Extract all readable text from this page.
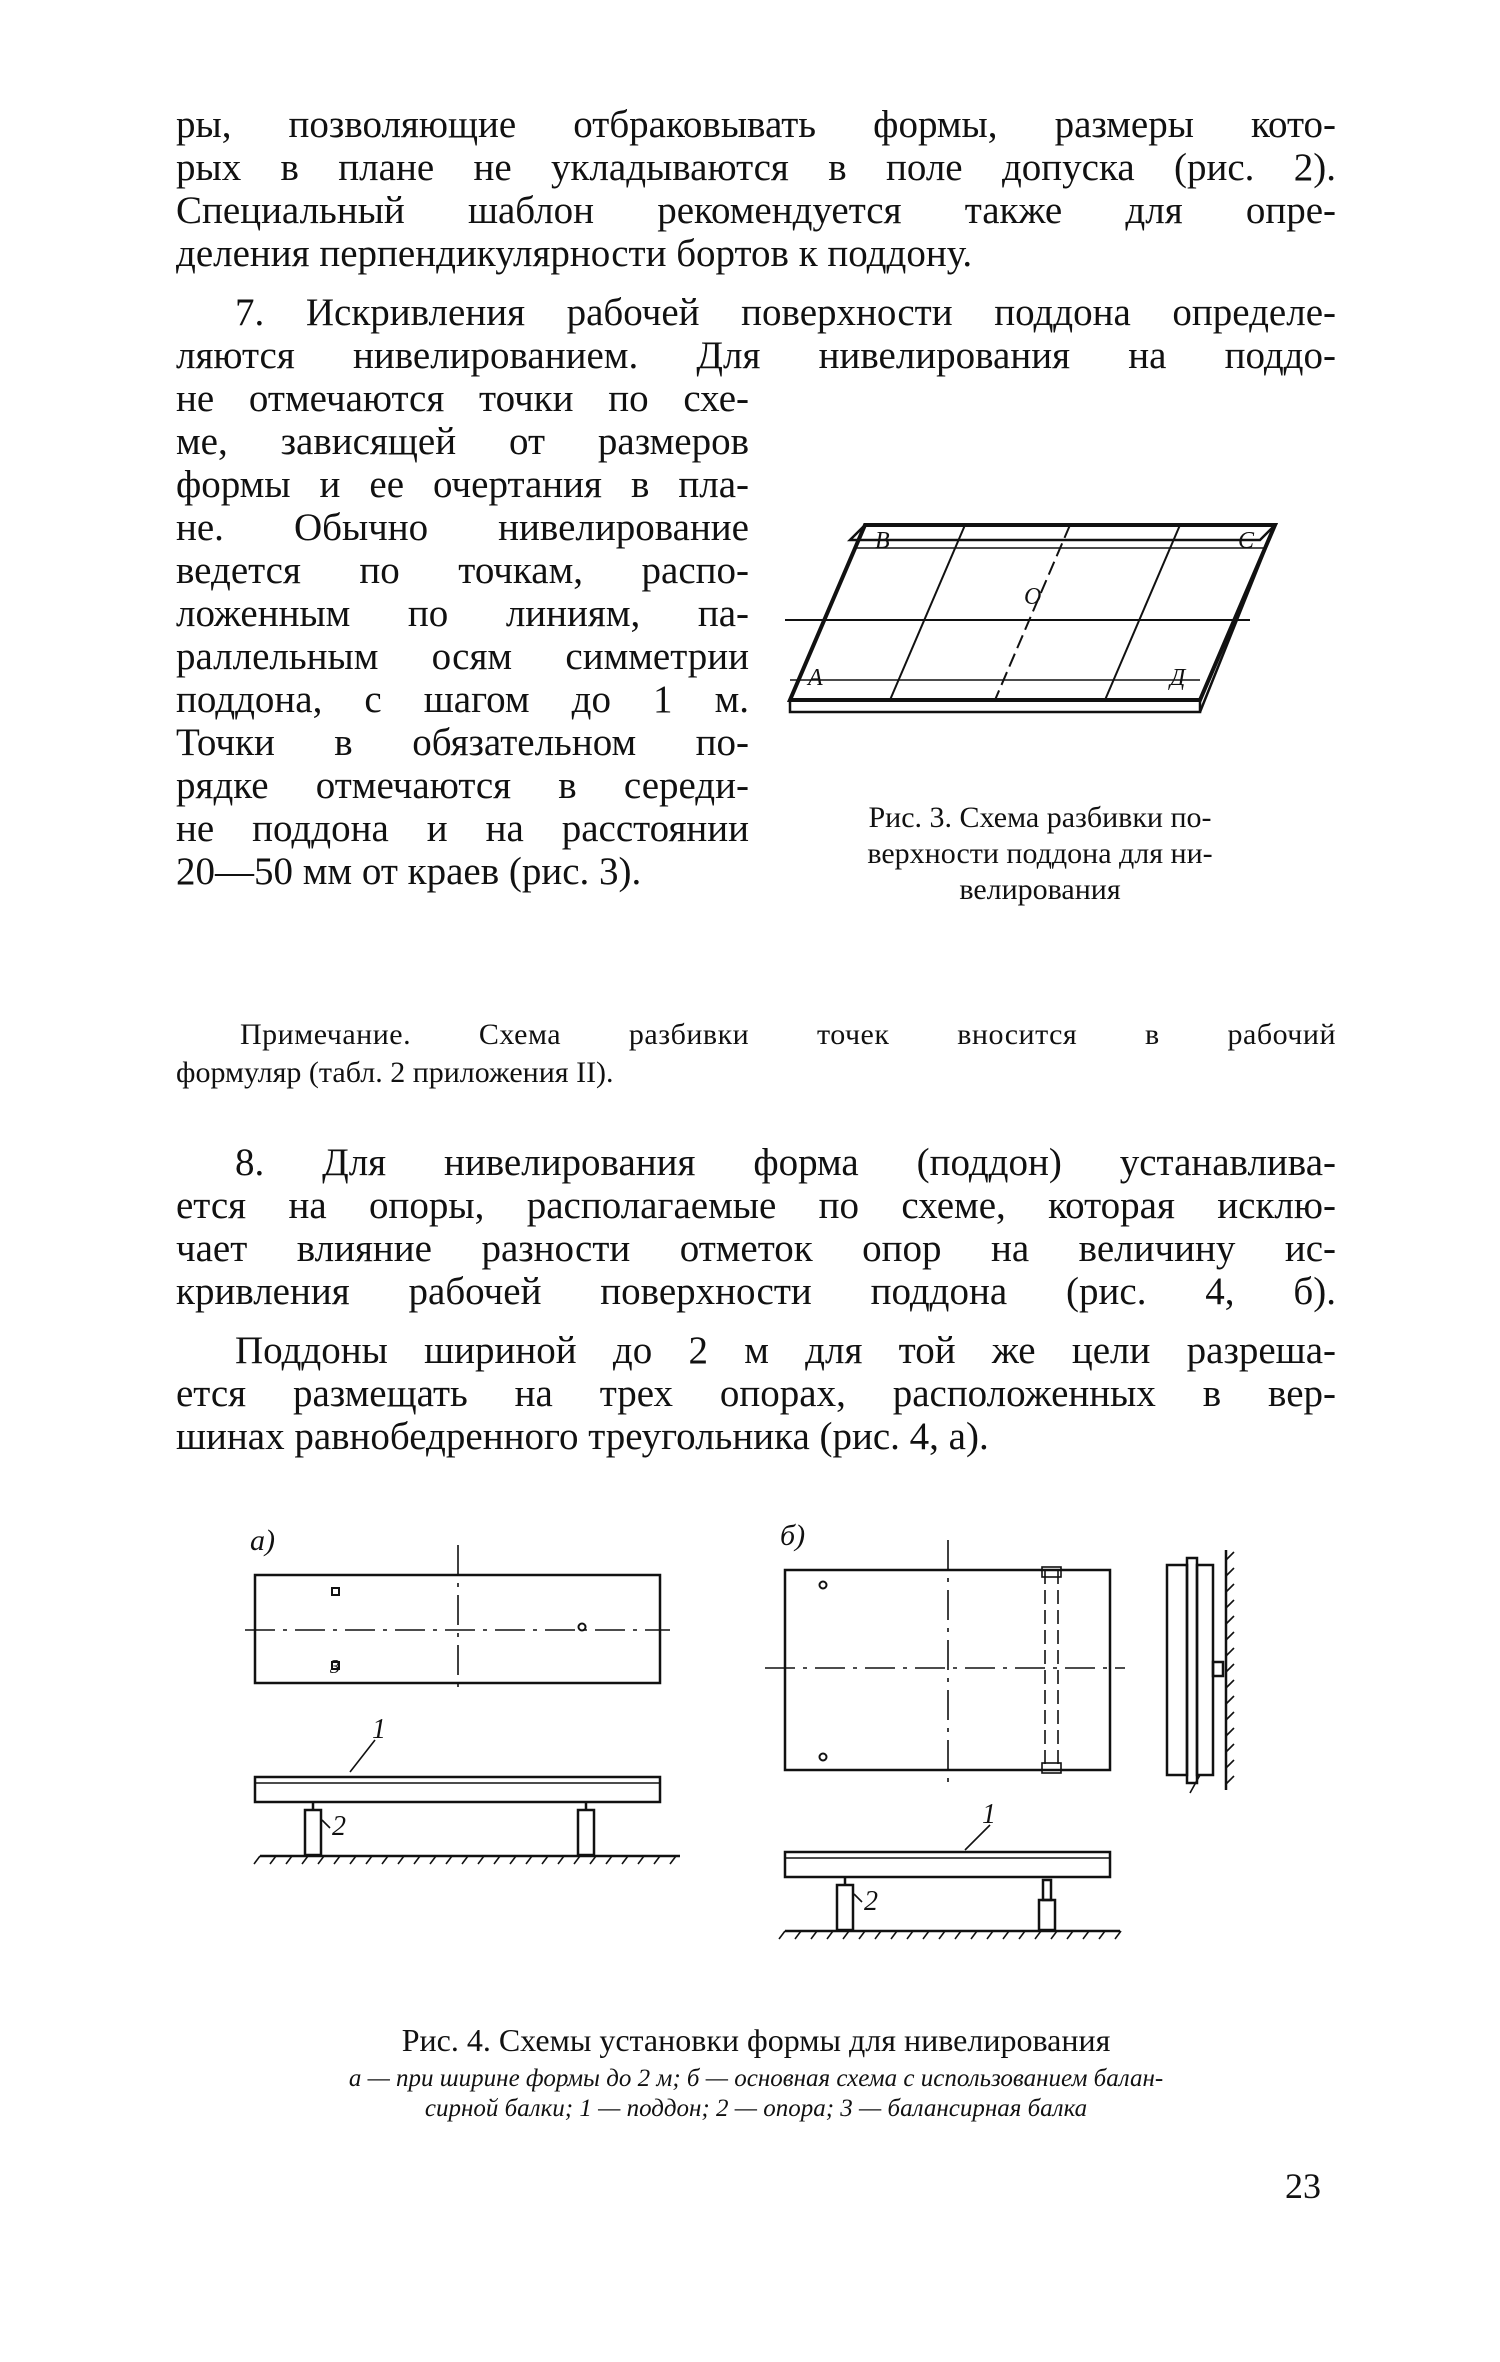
ры, позволяющие отбраковывать формы, размеры кото-
рых в плане не укладываются в поле допуска (рис. 2).
Специальный шаблон рекомендуется также для опре-
деления перпендикулярности бортов к поддону.
7. Искривления рабочей поверхности поддона определе-
ляются нивелированием. Для нивелирования на поддо-
не отмечаются точки по схе-
ме, зависящей от размеров
формы и ее очертания в пла-
не. Обычно нивелирование
ведется по точкам, распо-
ложенным по линиям, па-
раллельным осям симметрии
поддона, с шагом до 1 м.
Точки в обязательном по-
рядке отмечаются в середи-
не поддона и на расстоянии
20—50 мм от краев (рис. 3).
В	С
О
А	Д
Рис. 3. Схема разбивки по-
верхности поддона для ни-
велирования
Примечание. Схема разбивки точек вносится в рабочий
формуляр (табл. 2 приложения II).
8. Для нивелирования форма (поддон) устанавлива-
ется на опоры, располагаемые по схеме, которая исклю-
чает влияние разности отметок опор на величину ис-
кривления рабочей поверхности поддона (рис. 4, б).
Поддоны шириной до 2 м для той же цели разреша-
ется размещать на трех опорах, расположенных в вер-
шинах равнобедренного треугольника (рис. 4, а).
а)	б)
1
2
3
1
2
Рис. 4. Схемы установки формы для нивелирования
а — при ширине формы до 2 м; б — основная схема с использованием балан-
сирной балки; 1 — поддон; 2 — опора; 3 — балансирная балка
23
